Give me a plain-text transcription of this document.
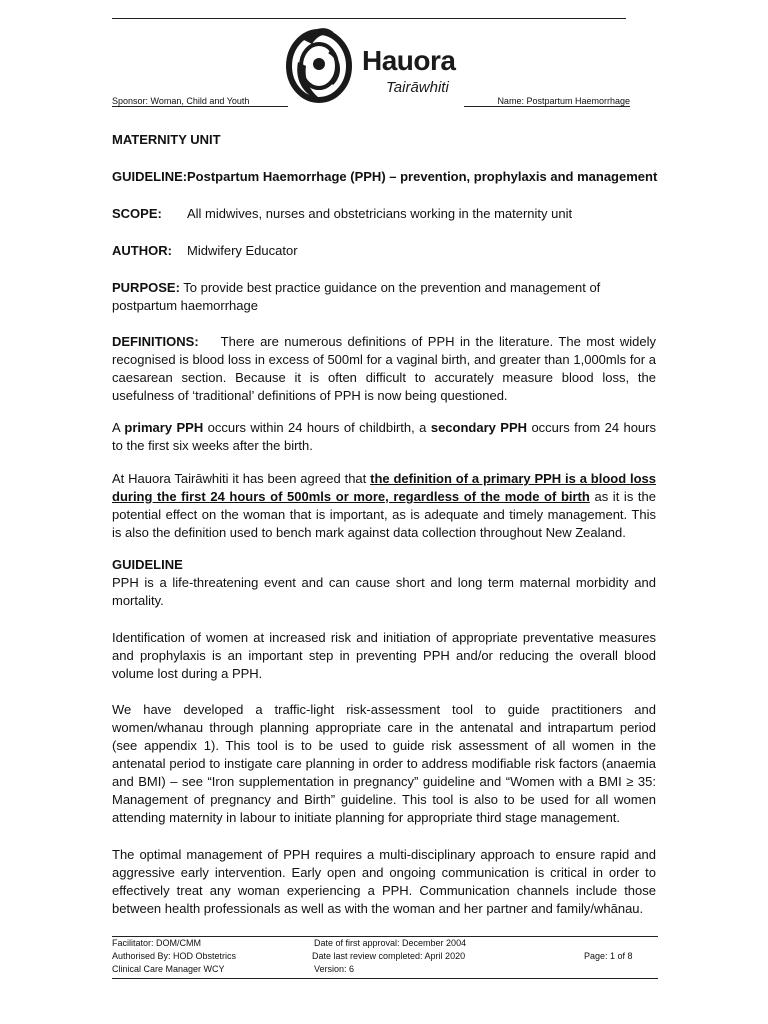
Hauora
Tairāwhiti
Sponsor: Woman, Child and Youth	Name: Postpartum Haemorrhage
MATERNITY UNIT
GUIDELINE: Postpartum Haemorrhage (PPH) – prevention, prophylaxis and management
SCOPE: All midwives, nurses and obstetricians working in the maternity unit
AUTHOR: Midwifery Educator
PURPOSE: To provide best practice guidance on the prevention and management of postpartum haemorrhage
DEFINITIONS: There are numerous definitions of PPH in the literature. The most widely recognised is blood loss in excess of 500ml for a vaginal birth, and greater than 1,000mls for a caesarean section. Because it is often difficult to accurately measure blood loss, the usefulness of ‘traditional’ definitions of PPH is now being questioned.
A primary PPH occurs within 24 hours of childbirth, a secondary PPH occurs from 24 hours to the first six weeks after the birth.
At Hauora Tairāwhiti it has been agreed that the definition of a primary PPH is a blood loss during the first 24 hours of 500mls or more, regardless of the mode of birth as it is the potential effect on the woman that is important, as is adequate and timely management. This is also the definition used to bench mark against data collection throughout New Zealand.
GUIDELINE
PPH is a life-threatening event and can cause short and long term maternal morbidity and mortality.
Identification of women at increased risk and initiation of appropriate preventative measures and prophylaxis is an important step in preventing PPH and/or reducing the overall blood volume lost during a PPH.
We have developed a traffic-light risk-assessment tool to guide practitioners and women/whanau through planning appropriate care in the antenatal and intrapartum period (see appendix 1). This tool is to be used to guide risk assessment of all women in the antenatal period to instigate care planning in order to address modifiable risk factors (anaemia and BMI) – see “Iron supplementation in pregnancy” guideline and “Women with a BMI ≥ 35: Management of pregnancy and Birth” guideline. This tool is also to be used for all women attending maternity in labour to initiate planning for appropriate third stage management.
The optimal management of PPH requires a multi-disciplinary approach to ensure rapid and aggressive early intervention. Early open and ongoing communication is critical in order to effectively treat any woman experiencing a PPH. Communication channels include those between health professionals as well as with the woman and her partner and family/whānau.
Facilitator: DOM/CMM
Authorised By: HOD Obstetrics
Clinical Care Manager WCY
Date of first approval: December 2004
Date last review completed: April 2020
Version: 6
Page: 1 of 8
